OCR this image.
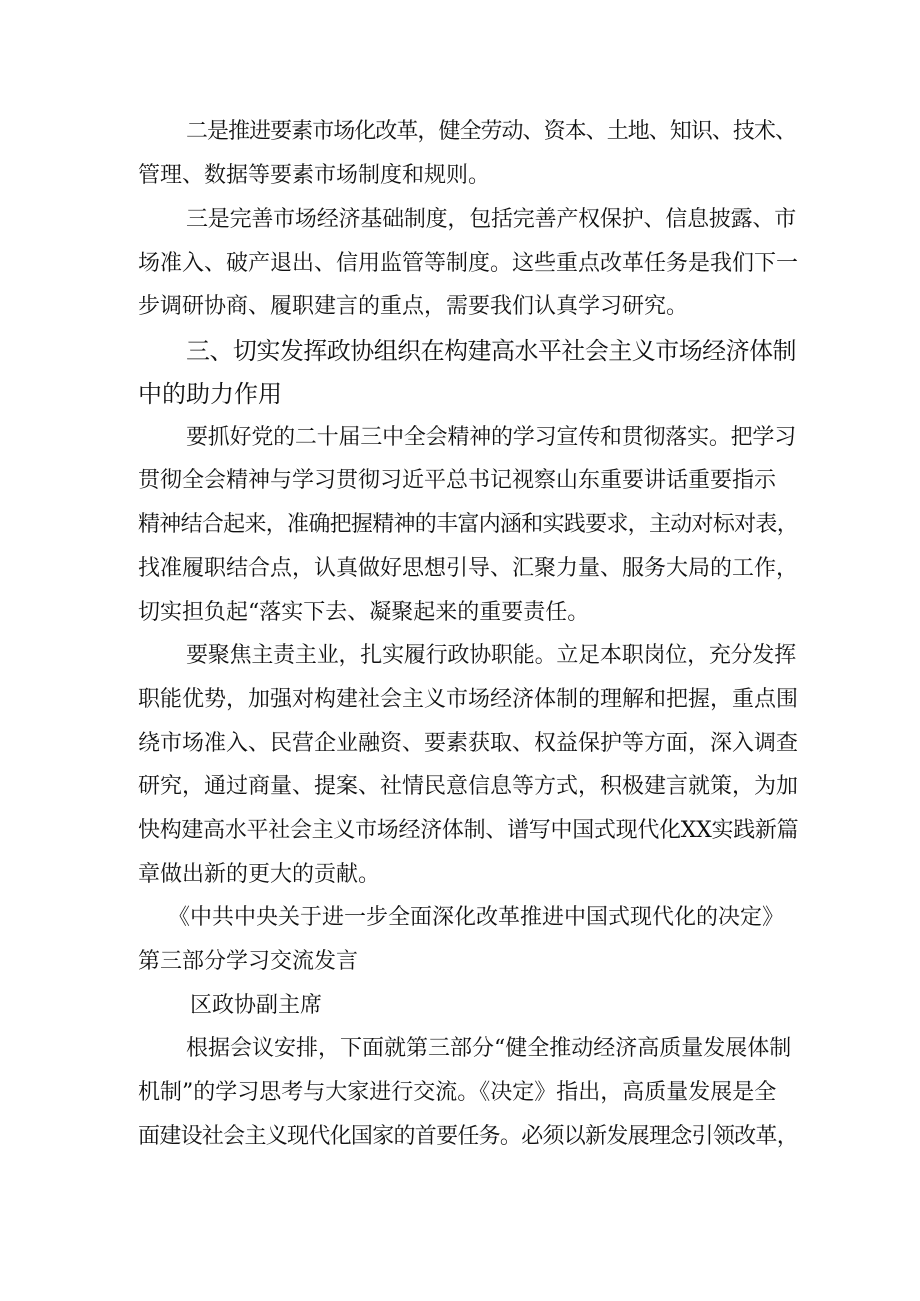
二是推进要素市场化改革，健全劳动、资本、土地、知识、技术、
管理、数据等要素市场制度和规则。
三是完善市场经济基础制度，包括完善产权保护、信息披露、市
场准入、破产退出、信用监管等制度。这些重点改革任务是我们下一
步调研协商、履职建言的重点，需要我们认真学习研究。
三、切实发挥政协组织在构建高水平社会主义市场经济体制
中的助力作用
要抓好党的二十届三中全会精神的学习宣传和贯彻落实。把学习
贯彻全会精神与学习贯彻习近平总书记视察山东重要讲话重要指示
精神结合起来，准确把握精神的丰富内涵和实践要求，主动对标对表，
找准履职结合点，认真做好思想引导、汇聚力量、服务大局的工作，
切实担负起“落实下去、凝聚起来的重要责任。
要聚焦主责主业，扎实履行政协职能。立足本职岗位，充分发挥
职能优势，加强对构建社会主义市场经济体制的理解和把握，重点围
绕市场准入、民营企业融资、要素获取、权益保护等方面，深入调查
研究，通过商量、提案、社情民意信息等方式，积极建言就策，为加
快构建高水平社会主义市场经济体制、谱写中国式现代化XX实践新篇
章做出新的更大的贡献。
《中共中央关于进一步全面深化改革推进中国式现代化的决定》
第三部分学习交流发言
区政协副主席
根据会议安排，下面就第三部分“健全推动经济高质量发展体制
机制”的学习思考与大家进行交流。《决定》指出，高质量发展是全
面建设社会主义现代化国家的首要任务。必须以新发展理念引领改革，
